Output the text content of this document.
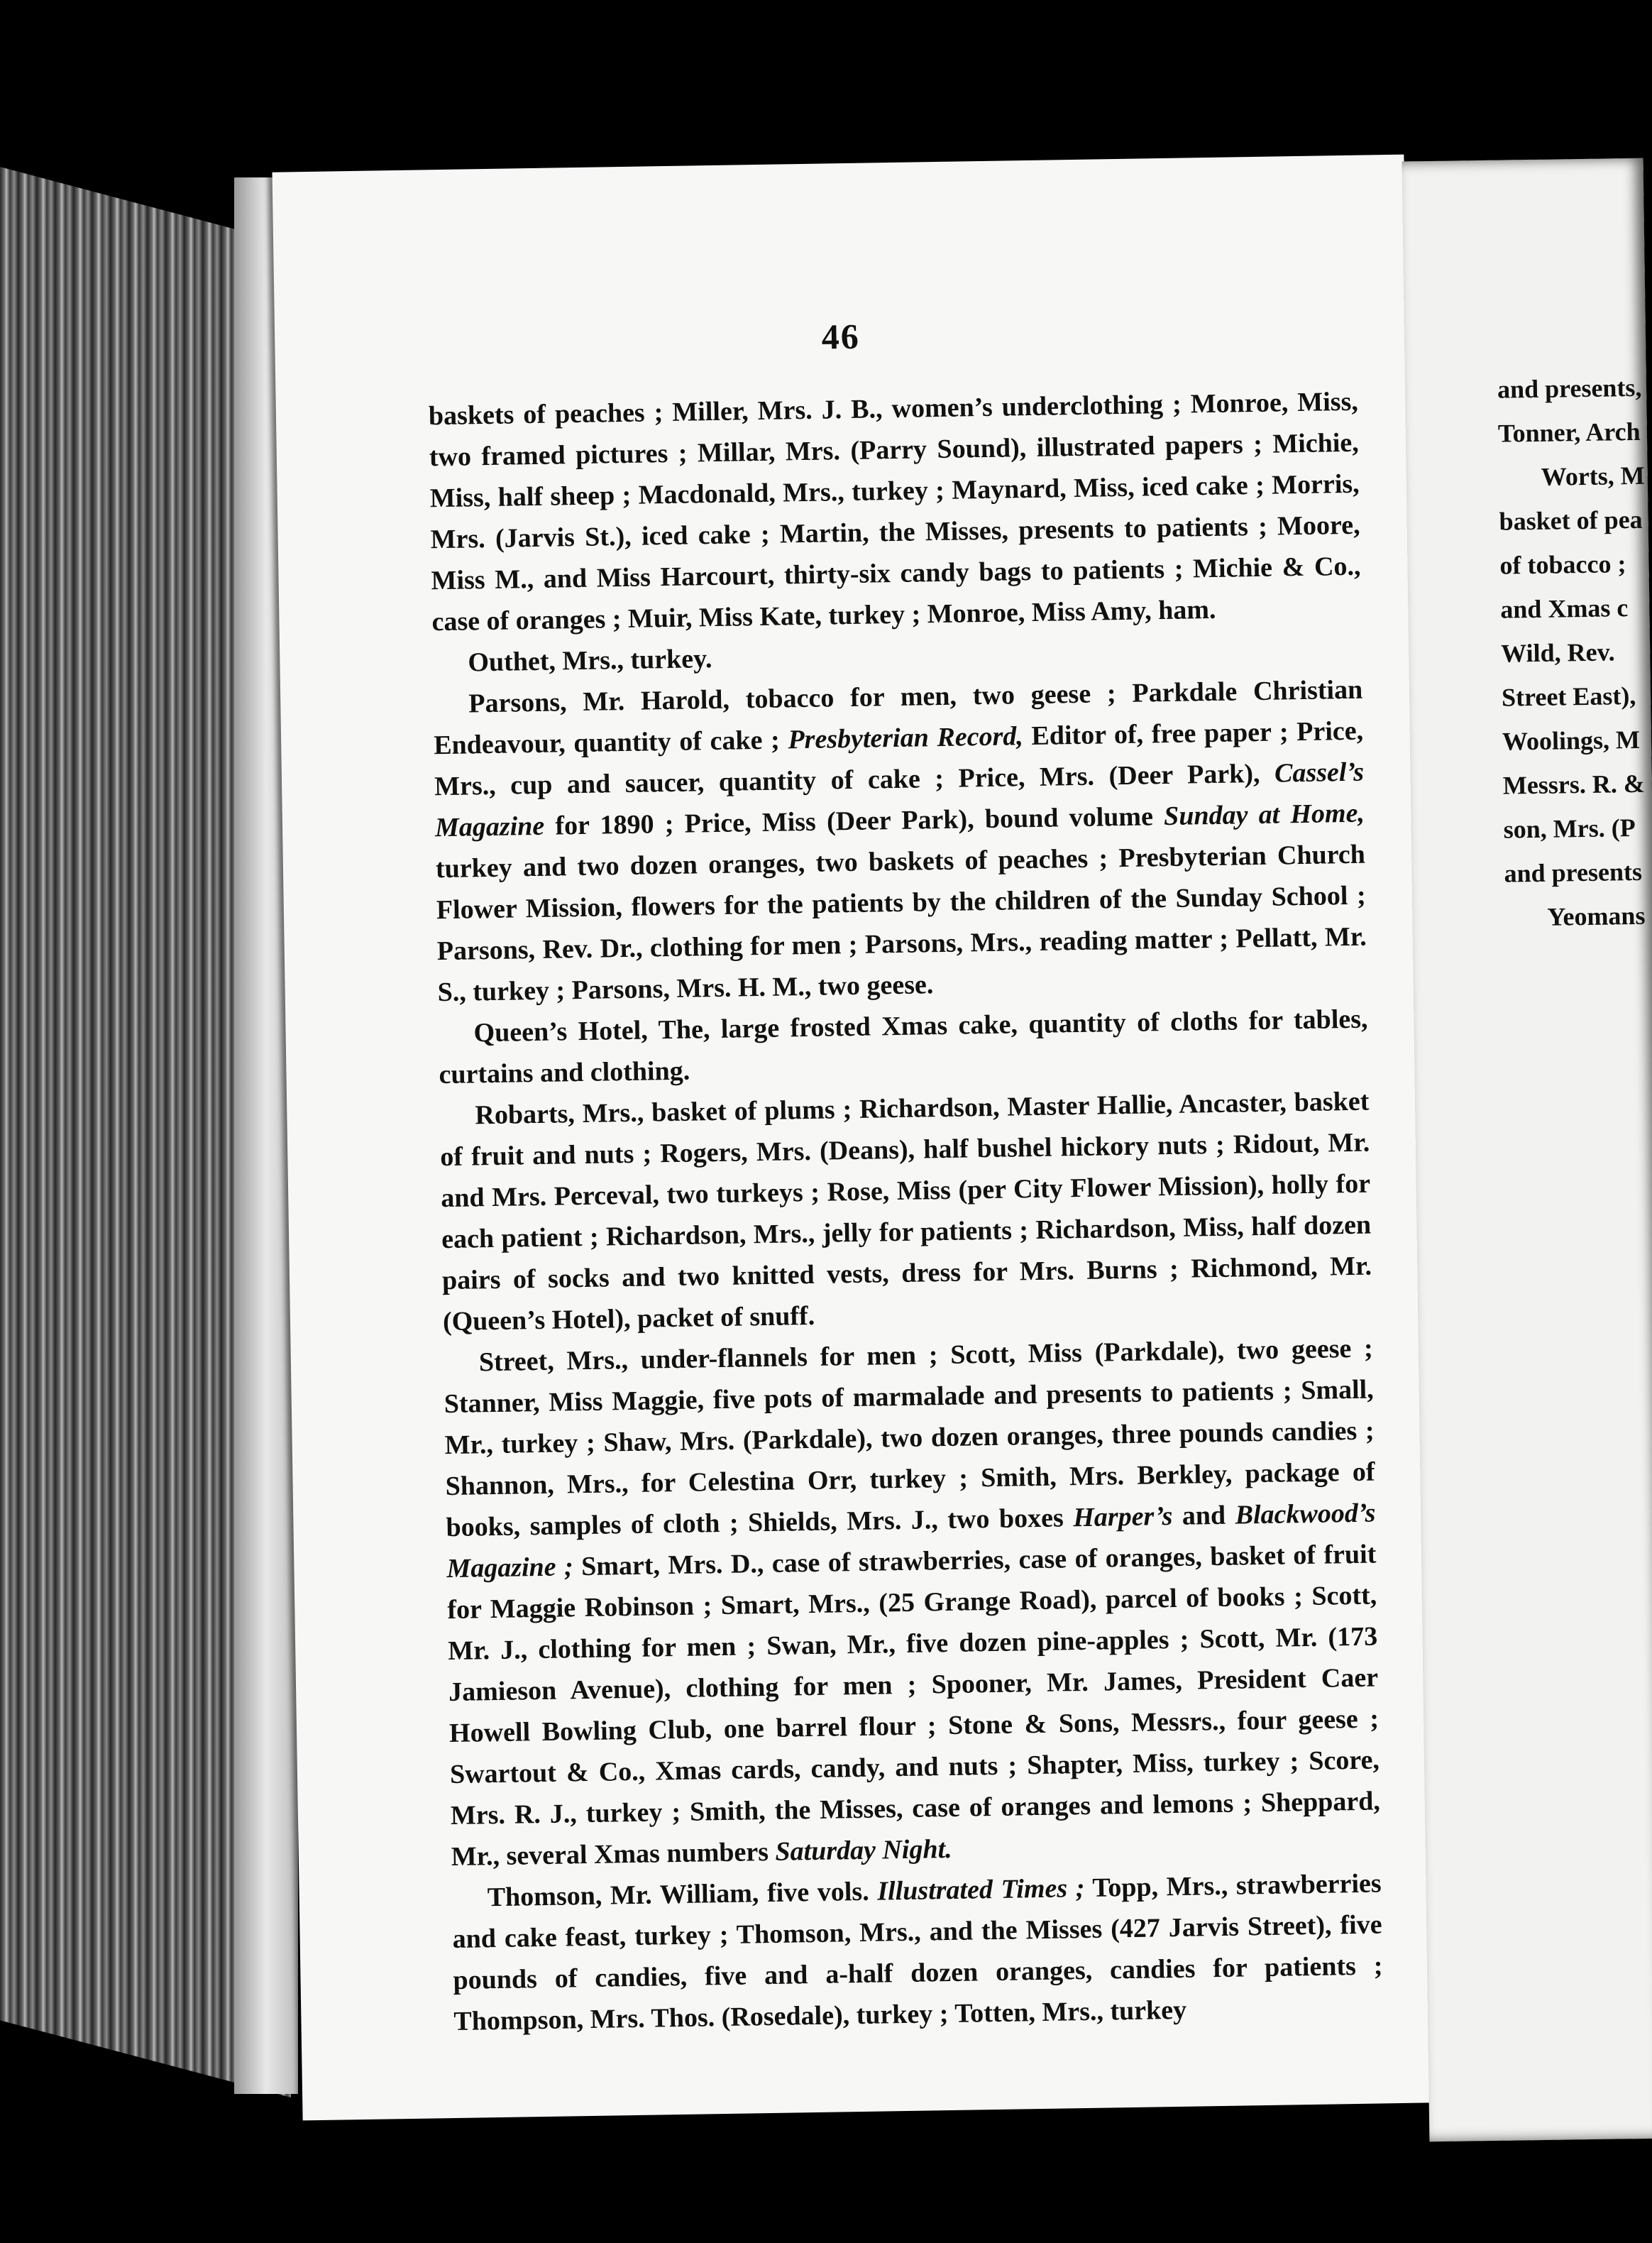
46

baskets of peaches ; Miller, Mrs. J. B., women’s underclothing ; Monroe, Miss, two framed pictures ; Millar, Mrs. (Parry Sound), illustrated papers ; Michie, Miss, half sheep ; Macdonald, Mrs., turkey ; Maynard, Miss, iced cake ; Morris, Mrs. (Jarvis St.), iced cake ; Martin, the Misses, presents to patients ; Moore, Miss M., and Miss Harcourt, thirty-six candy bags to patients ; Michie & Co., case of oranges ; Muir, Miss Kate, turkey ; Monroe, Miss Amy, ham.

Outhet, Mrs., turkey.

Parsons, Mr. Harold, tobacco for men, two geese ; Parkdale Christian Endeavour, quantity of cake ; Presbyterian Record, Editor of, free paper ; Price, Mrs., cup and saucer, quantity of cake ; Price, Mrs. (Deer Park), Cassel’s Magazine for 1890 ; Price, Miss (Deer Park), bound volume Sunday at Home, turkey and two dozen oranges, two baskets of peaches ; Presbyterian Church Flower Mission, flowers for the patients by the children of the Sunday School ; Parsons, Rev. Dr., clothing for men ; Parsons, Mrs., reading matter ; Pellatt, Mr. S., turkey ; Parsons, Mrs. H. M., two geese.

Queen’s Hotel, The, large frosted Xmas cake, quantity of cloths for tables, curtains and clothing.

Robarts, Mrs., basket of plums ; Richardson, Master Hallie, Ancaster, basket of fruit and nuts ; Rogers, Mrs. (Deans), half bushel hickory nuts ; Ridout, Mr. and Mrs. Perceval, two turkeys ; Rose, Miss (per City Flower Mission), holly for each patient ; Richardson, Mrs., jelly for patients ; Richardson, Miss, half dozen pairs of socks and two knitted vests, dress for Mrs. Burns ; Richmond, Mr. (Queen’s Hotel), packet of snuff.

Street, Mrs., under-flannels for men ; Scott, Miss (Parkdale), two geese ; Stanner, Miss Maggie, five pots of marmalade and presents to patients ; Small, Mr., turkey ; Shaw, Mrs. (Parkdale), two dozen oranges, three pounds candies ; Shannon, Mrs., for Celestina Orr, turkey ; Smith, Mrs. Berkley, package of books, samples of cloth ; Shields, Mrs. J., two boxes Harper’s and Blackwood’s Magazine ; Smart, Mrs. D., case of strawberries, case of oranges, basket of fruit for Maggie Robinson ; Smart, Mrs., (25 Grange Road), parcel of books ; Scott, Mr. J., clothing for men ; Swan, Mr., five dozen pine-apples ; Scott, Mr. (173 Jamieson Avenue), clothing for men ; Spooner, Mr. James, President Caer Howell Bowling Club, one barrel flour ; Stone & Sons, Messrs., four geese ; Swartout & Co., Xmas cards, candy, and nuts ; Shapter, Miss, turkey ; Score, Mrs. R. J., turkey ; Smith, the Misses, case of oranges and lemons ; Sheppard, Mr., several Xmas numbers Saturday Night.

Thomson, Mr. William, five vols. Illustrated Times ; Topp, Mrs., strawberries and cake feast, turkey ; Thomson, Mrs., and the Misses (427 Jarvis Street), five pounds of candies, five and a-half dozen oranges, candies for patients ; Thompson, Mrs. Thos. (Rosedale), turkey ; Totten, Mrs., turkey

and presents,
Tonner, Arch
Worts, M
basket of pea
of tobacco ;
and Xmas c
Wild, Rev.
Street East),
Woolings, M
Messrs. R. &
son, Mrs. (P
and presents
Yeomans
